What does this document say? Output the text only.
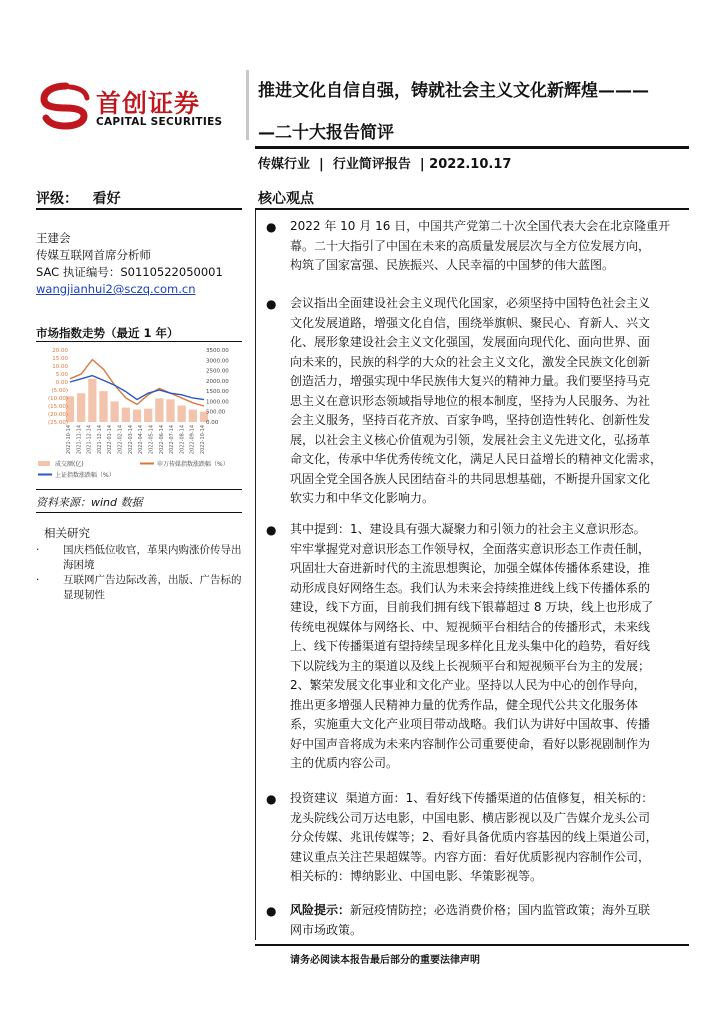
首创证券
CAPITAL SECURITIES
推进文化自信自强，铸就社会主义文化新辉煌———
—二十大报告简评
传媒行业  |  行业简评报告  | 2022.10.17
评级：   看好	核心观点
王建会
传媒互联网首席分析师
SAC 执证编号：S0110522050001
wangjianhui2@sczq.com.cn
市场指数走势（最近 1 年）
20.00
15.00
10.00
5.00
0.00
(5.00)
(10.00)
(15.00)
(20.00)
(25.00)
3500.00
3000.00
2500.00
2000.00
1500.00
1000.00
500.00
0.00
2021-10-14 2021-11-14 2021-12-14 2021-12-14 2022-01-14 2022-02-14 2022-03-14 2022-04-14 2022-05-14 2022-06-14 2022-07-14 2022-08-14 2022-09-14 2022-10-14
成交额(亿)	申万传媒指数涨跌幅（%）
上证指数涨跌幅（%）
资料来源：wind 数据
相关研究
· 国庆档低位收官，革果内购涨价传导出海困境
· 互联网广告边际改善，出版、广告标的显现韧性
● 2022 年 10 月 16 日，中国共产党第二十次全国代表大会在北京隆重开
幕。二十大指引了中国在未来的高质量发展层次与全方位发展方向，
构筑了国家富强、民族振兴、人民幸福的中国梦的伟大蓝图。
● 会议指出全面建设社会主义现代化国家，必须坚持中国特色社会主义
文化发展道路，增强文化自信，围绕举旗帜、聚民心、育新人、兴文
化、展形象建设社会主义文化强国，发展面向现代化、面向世界、面
向未来的，民族的科学的大众的社会主义文化，激发全民族文化创新
创造活力，增强实现中华民族伟大复兴的精神力量。我们要坚持马克
思主义在意识形态领域指导地位的根本制度，坚持为人民服务、为社
会主义服务，坚持百花齐放、百家争鸣，坚持创造性转化、创新性发
展，以社会主义核心价值观为引领，发展社会主义先进文化，弘扬革
命文化，传承中华优秀传统文化，满足人民日益增长的精神文化需求，
巩固全党全国各族人民团结奋斗的共同思想基础，不断提升国家文化
软实力和中华文化影响力。
● 其中提到：1、建设具有强大凝聚力和引领力的社会主义意识形态。
牢牢掌握党对意识形态工作领导权，全面落实意识形态工作责任制，
巩固壮大奋进新时代的主流思想舆论，加强全媒体传播体系建设，推
动形成良好网络生态。我们认为未来会持续推进线上线下传播体系的
建设，线下方面，目前我们拥有线下银幕超过 8 万块，线上也形成了
传统电视媒体与网络长、中、短视频平台相结合的传播形式，未来线
上、线下传播渠道有望持续呈现多样化且龙头集中化的趋势，看好线
下以院线为主的渠道以及线上长视频平台和短视频平台为主的发展；
2、繁荣发展文化事业和文化产业。坚持以人民为中心的创作导向，
推出更多增强人民精神力量的优秀作品，健全现代公共文化服务体
系，实施重大文化产业项目带动战略。我们认为讲好中国故事、传播
好中国声音将成为未来内容制作公司重要使命，看好以影视剧制作为
主的优质内容公司。
● 投资建议  渠道方面：1、看好线下传播渠道的估值修复，相关标的：
龙头院线公司万达电影，中国电影、横店影视以及广告媒介龙头公司
分众传媒、兆讯传媒等；2、看好具备优质内容基因的线上渠道公司，
建议重点关注芒果超媒等。内容方面：看好优质影视内容制作公司，
相关标的：博纳影业、中国电影、华策影视等。
● 风险提示：新冠疫情防控；必选消费价格；国内监管政策；海外互联
网市场政策。
请务必阅读本报告最后部分的重要法律声明
